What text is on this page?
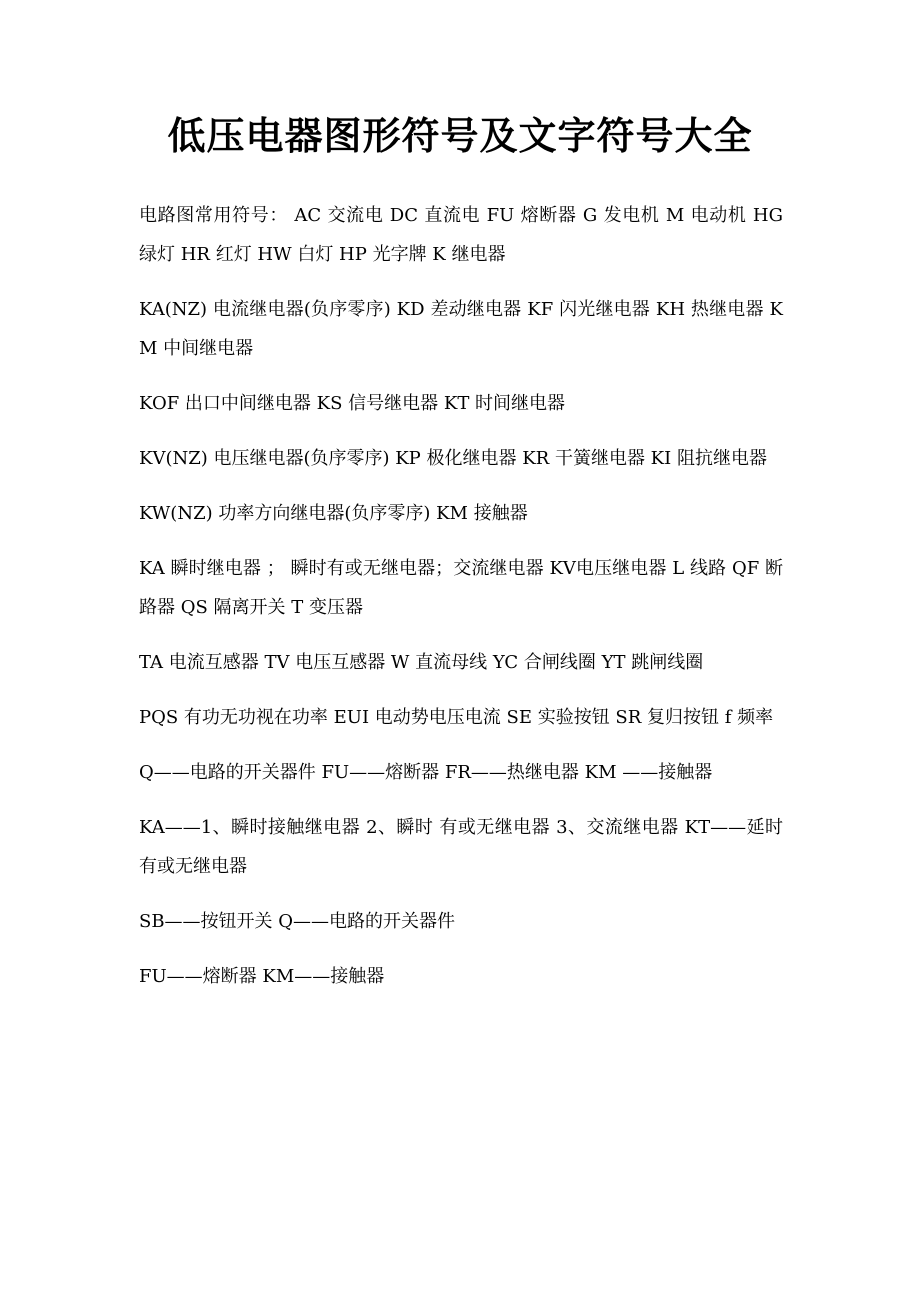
低压电器图形符号及文字符号大全

电路图常用符号： AC 交流电 DC 直流电 FU 熔断器 G 发电机 M 电动机 HG 绿灯 HR 红灯 HW 白灯 HP 光字牌 K 继电器

KA(NZ) 电流继电器(负序零序) KD 差动继电器 KF 闪光继电器 KH 热继电器 KM 中间继电器

KOF 出口中间继电器 KS 信号继电器 KT 时间继电器

KV(NZ) 电压继电器(负序零序) KP 极化继电器 KR 干簧继电器 KI 阻抗继电器

KW(NZ) 功率方向继电器(负序零序) KM 接触器

KA 瞬时继电器 ； 瞬时有或无继电器；交流继电器 KV电压继电器 L 线路 QF 断路器 QS 隔离开关 T 变压器

TA 电流互感器 TV 电压互感器 W 直流母线 YC 合闸线圈 YT 跳闸线圈

PQS 有功无功视在功率 EUI 电动势电压电流 SE 实验按钮 SR 复归按钮 f 频率

Q——电路的开关器件 FU——熔断器 FR——热继电器 KM ——接触器

KA——1、瞬时接触继电器 2、瞬时 有或无继电器 3、交流继电器 KT——延时 有或无继电器

SB——按钮开关 Q——电路的开关器件

FU——熔断器 KM——接触器
